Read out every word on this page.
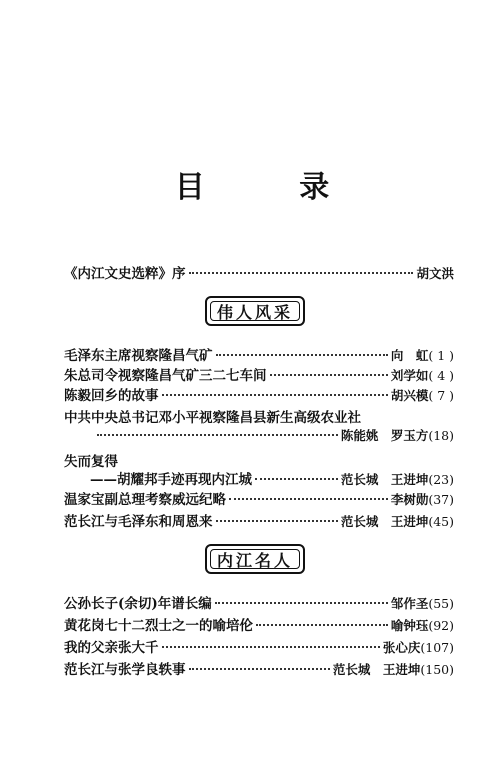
目 录
《内江文史选粹》序	胡文洪
伟人风采
毛泽东主席视察隆昌气矿	向　虹 ( 1 )
朱总司令视察隆昌气矿三二七车间	刘学如 ( 4 )
陈毅回乡的故事	胡兴模 ( 7 )
中共中央总书记邓小平视察隆昌县新生高级农业社
陈能姚　罗玉方 (18)
失而复得
——胡耀邦手迹再现内江城	范长城　王进坤 (23)
温家宝副总理考察威远纪略	李树勋 (37)
范长江与毛泽东和周恩来	范长城　王进坤 (45)
内江名人
公孙长子(余切)年谱长编	邹作圣 (55)
黄花岗七十二烈士之一的喻培伦	喻钟珏 (92)
我的父亲张大千	张心庆 (107)
范长江与张学良轶事	范长城　王进坤 (150)
